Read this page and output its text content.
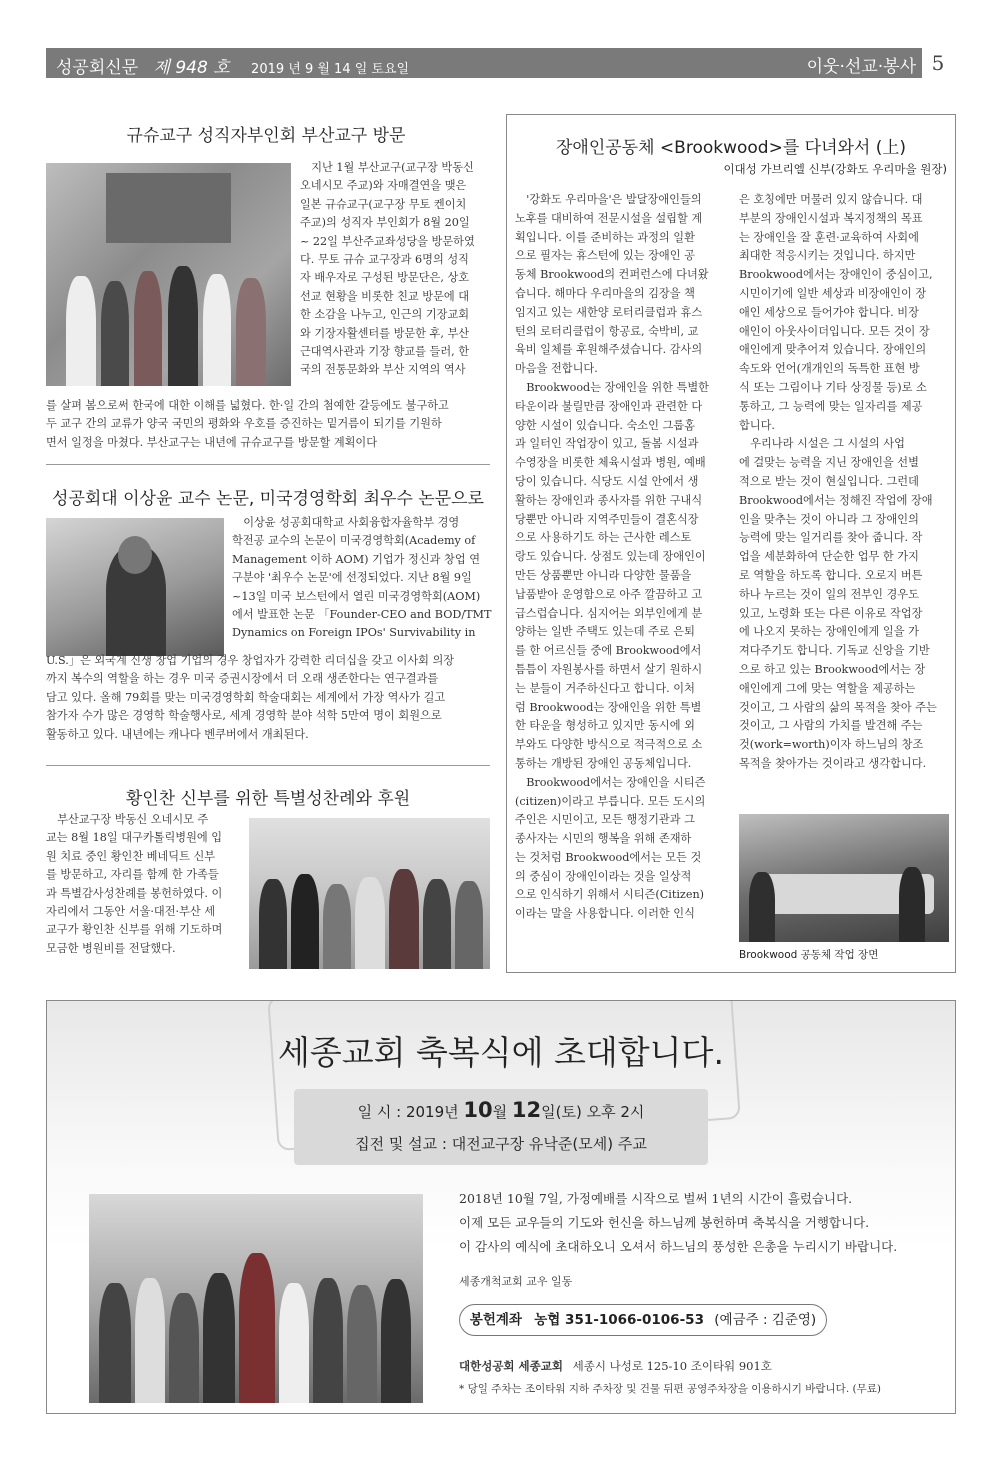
성공회신문 제 948 호 2019 년 9 월 14 일 토요일	이웃·선교·봉사 5
규슈교구 성직자부인회 부산교구 방문
지난 1월 부산교구(교구장 박동신
오네시모 주교)와 자매결연을 맺은
일본 규슈교구(교구장 무토 켄이치
주교)의 성직자 부인회가 8월 20일
~ 22일 부산주교좌성당을 방문하였
다. 무토 규슈 교구장과 6명의 성직
자 배우자로 구성된 방문단은, 상호
선교 현황을 비롯한 친교 방문에 대
한 소감을 나누고, 인근의 기장교회
와 기장자활센터를 방문한 후, 부산
근대역사관과 기장 향교를 들러, 한
국의 전통문화와 부산 지역의 역사
를 살펴 봄으로써 한국에 대한 이해를 넓혔다. 한·일 간의 첨예한 갈등에도 불구하고
두 교구 간의 교류가 양국 국민의 평화와 우호를 증진하는 밑거름이 되기를 기원하
면서 일정을 마쳤다. 부산교구는 내년에 규슈교구를 방문할 계획이다
성공회대 이상윤 교수 논문, 미국경영학회 최우수 논문으로
이상윤 성공회대학교 사회융합자율학부 경영
학전공 교수의 논문이 미국경영학회(Academy of
Management 이하 AOM) 기업가 정신과 창업 연
구분야 '최우수 논문'에 선정되었다. 지난 8월 9일
~13일 미국 보스턴에서 열린 미국경영학회(AOM)
에서 발표한 논문 「Founder-CEO and BOD/TMT
Dynamics on Foreign IPOs' Survivability in
U.S.」은 외국계 신생 창업 기업의 경우 창업자가 강력한 리더십을 갖고 이사회 의장
까지 복수의 역할을 하는 경우 미국 증권시장에서 더 오래 생존한다는 연구결과를
담고 있다. 올해 79회를 맞는 미국경영학회 학술대회는 세계에서 가장 역사가 길고
참가자 수가 많은 경영학 학술행사로, 세계 경영학 분야 석학 5만여 명이 회원으로
활동하고 있다. 내년에는 캐나다 벤쿠버에서 개최된다.
황인찬 신부를 위한 특별성찬례와 후원
부산교구장 박동신 오네시모 주
교는 8월 18일 대구카톨릭병원에 입
원 치료 중인 황인찬 베네딕트 신부
를 방문하고, 자리를 함께 한 가족들
과 특별감사성찬례를 봉헌하였다. 이
자리에서 그동안 서울·대전·부산 세
교구가 황인찬 신부를 위해 기도하며
모금한 병원비를 전달했다.
장애인공동체 <Brookwood>를 다녀와서 (上)
이대성 가브리엘 신부(강화도 우리마을 원장)
'강화도 우리마을'은 발달장애인들의
노후를 대비하여 전문시설을 설립할 계
획입니다. 이를 준비하는 과정의 일환
으로 필자는 휴스턴에 있는 장애인 공
동체 Brookwood의 컨퍼런스에 다녀왔
습니다. 해마다 우리마을의 김장을 책
임지고 있는 새한양 로터리클럽과 휴스
턴의 로터리클럽이 항공료, 숙박비, 교
육비 일체를 후원해주셨습니다. 감사의
마음을 전합니다.
Brookwood는 장애인을 위한 특별한
타운이라 불릴만큼 장애인과 관련한 다
양한 시설이 있습니다. 숙소인 그룹홈
과 일터인 작업장이 있고, 돌봄 시설과
수영장을 비롯한 체육시설과 병원, 예배
당이 있습니다. 식당도 시설 안에서 생
활하는 장애인과 종사자를 위한 구내식
당뿐만 아니라 지역주민들이 결혼식장
으로 사용하기도 하는 근사한 레스토
랑도 있습니다. 상점도 있는데 장애인이
만든 상품뿐만 아니라 다양한 물품을
납품받아 운영함으로 아주 깔끔하고 고
급스럽습니다. 심지어는 외부인에게 분
양하는 일반 주택도 있는데 주로 은퇴
를 한 어르신들 중에 Brookwood에서
틈틈이 자원봉사를 하면서 살기 원하시
는 분들이 거주하신다고 합니다. 이처
럼 Brookwood는 장애인을 위한 특별
한 타운을 형성하고 있지만 동시에 외
부와도 다양한 방식으로 적극적으로 소
통하는 개방된 장애인 공동체입니다.
Brookwood에서는 장애인을 시티즌
(citizen)이라고 부릅니다. 모든 도시의
주인은 시민이고, 모든 행정기관과 그
종사자는 시민의 행복을 위해 존재하
는 것처럼 Brookwood에서는 모든 것
의 중심이 장애인이라는 것을 일상적
으로 인식하기 위해서 시티즌(Citizen)
이라는 말을 사용합니다. 이러한 인식
은 호칭에만 머물러 있지 않습니다. 대
부분의 장애인시설과 복지정책의 목표
는 장애인을 잘 훈련·교육하여 사회에
최대한 적응시키는 것입니다. 하지만
Brookwood에서는 장애인이 중심이고,
시민이기에 일반 세상과 비장애인이 장
애인 세상으로 들어가야 합니다. 비장
애인이 아웃사이더입니다. 모든 것이 장
애인에게 맞추어져 있습니다. 장애인의
속도와 언어(개개인의 독특한 표현 방
식 또는 그림이나 기타 상징물 등)로 소
통하고, 그 능력에 맞는 일자리를 제공
합니다.
우리나라 시설은 그 시설의 사업
에 걸맞는 능력을 지닌 장애인을 선별
적으로 받는 것이 현실입니다. 그런데
Brookwood에서는 정해진 작업에 장애
인을 맞추는 것이 아니라 그 장애인의
능력에 맞는 일거리를 찾아 줍니다. 작
업을 세분화하여 단순한 업무 한 가지
로 역할을 하도록 합니다. 오로지 버튼
하나 누르는 것이 일의 전부인 경우도
있고, 노령화 또는 다른 이유로 작업장
에 나오지 못하는 장애인에게 일을 가
져다주기도 합니다. 기독교 신앙을 기반
으로 하고 있는 Brookwood에서는 장
애인에게 그에 맞는 역할을 제공하는
것이고, 그 사람의 삶의 목적을 찾아 주는
것이고, 그 사람의 가치를 발견해 주는
것(work=worth)이자 하느님의 창조
목적을 찾아가는 것이라고 생각합니다.
Brookwood 공동체 작업 장면
세종교회 축복식에 초대합니다.
일 시 : 2019년 10월 12일(토) 오후 2시
집전 및 설교 : 대전교구장 유낙준(모세) 주교
2018년 10월 7일, 가정예배를 시작으로 벌써 1년의 시간이 흘렀습니다.
이제 모든 교우들의 기도와 헌신을 하느님께 봉헌하며 축복식을 거행합니다.
이 감사의 예식에 초대하오니 오셔서 하느님의 풍성한 은총을 누리시기 바랍니다.
세종개척교회 교우 일동
봉헌계좌 농협 351-1066-0106-53 (예금주 : 김준영)
대한성공회 세종교회 세종시 나성로 125-10 조이타워 901호
* 당일 주차는 조이타워 지하 주차장 및 건물 뒤편 공영주차장을 이용하시기 바랍니다. (무료)
